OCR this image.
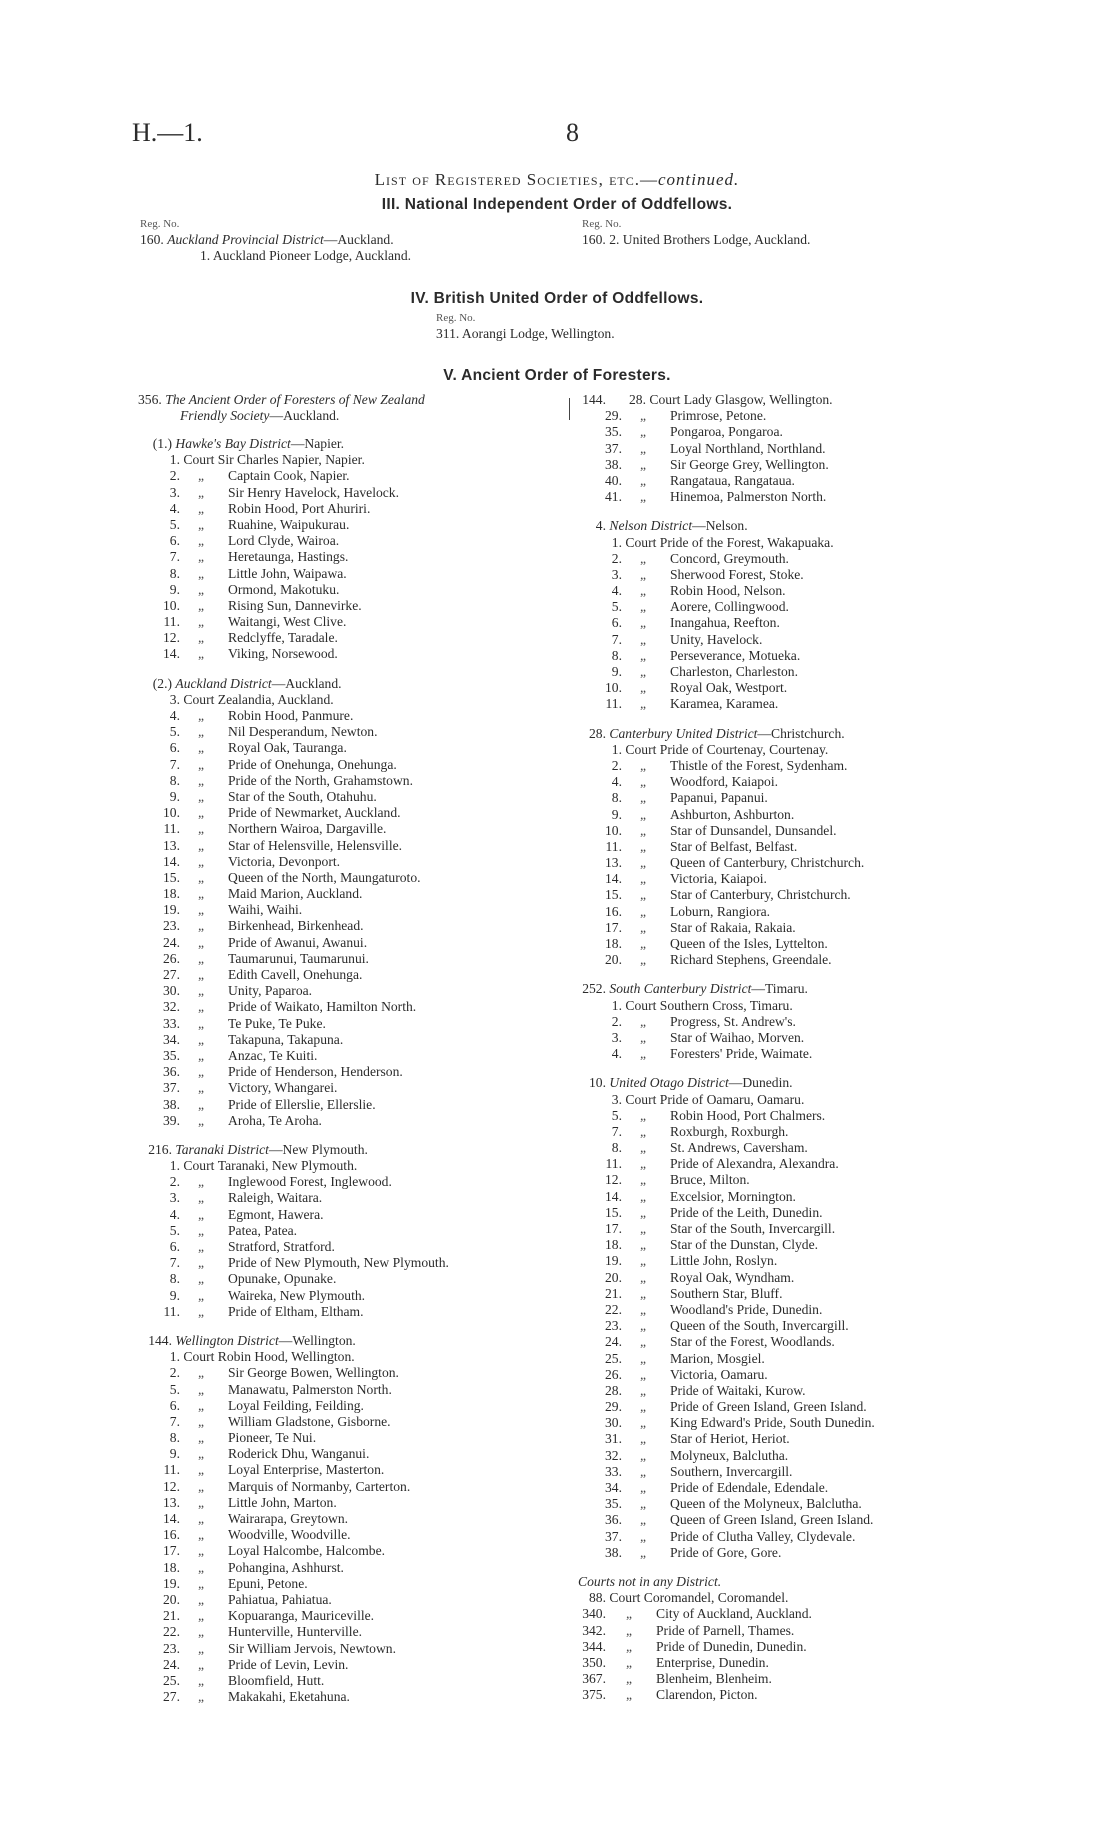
H.—1.	8
List of Registered Societies, etc.—continued.
III. National Independent Order of Oddfellows.
Reg. No.
160. Auckland Provincial District—Auckland.
1. Auckland Pioneer Lodge, Auckland.
Reg. No.
160. 2. United Brothers Lodge, Auckland.
IV. British United Order of Oddfellows.
Reg. No.
311. Aorangi Lodge, Wellington.
V. Ancient Order of Foresters.
356. The Ancient Order of Foresters of New Zealand
Friendly Society—Auckland.
(1.) Hawke's Bay District—Napier.
1. Court Sir Charles Napier, Napier.
2. „ Captain Cook, Napier.
3. „ Sir Henry Havelock, Havelock.
4. „ Robin Hood, Port Ahuriri.
5. „ Ruahine, Waipukurau.
6. „ Lord Clyde, Wairoa.
7. „ Heretaunga, Hastings.
8. „ Little John, Waipawa.
9. „ Ormond, Makotuku.
10. „ Rising Sun, Dannevirke.
11. „ Waitangi, West Clive.
12. „ Redclyffe, Taradale.
14. „ Viking, Norsewood.
(2.) Auckland District—Auckland.
3. Court Zealandia, Auckland.
4. „ Robin Hood, Panmure.
5. „ Nil Desperandum, Newton.
6. „ Royal Oak, Tauranga.
7. „ Pride of Onehunga, Onehunga.
8. „ Pride of the North, Grahamstown.
9. „ Star of the South, Otahuhu.
10. „ Pride of Newmarket, Auckland.
11. „ Northern Wairoa, Dargaville.
13. „ Star of Helensville, Helensville.
14. „ Victoria, Devonport.
15. „ Queen of the North, Maungaturoto.
18. „ Maid Marion, Auckland.
19. „ Waihi, Waihi.
23. „ Birkenhead, Birkenhead.
24. „ Pride of Awanui, Awanui.
26. „ Taumarunui, Taumarunui.
27. „ Edith Cavell, Onehunga.
30. „ Unity, Paparoa.
32. „ Pride of Waikato, Hamilton North.
33. „ Te Puke, Te Puke.
34. „ Takapuna, Takapuna.
35. „ Anzac, Te Kuiti.
36. „ Pride of Henderson, Henderson.
37. „ Victory, Whangarei.
38. „ Pride of Ellerslie, Ellerslie.
39. „ Aroha, Te Aroha.
216. Taranaki District—New Plymouth.
1. Court Taranaki, New Plymouth.
2. „ Inglewood Forest, Inglewood.
3. „ Raleigh, Waitara.
4. „ Egmont, Hawera.
5. „ Patea, Patea.
6. „ Stratford, Stratford.
7. „ Pride of New Plymouth, New Plymouth.
8. „ Opunake, Opunake.
9. „ Waireka, New Plymouth.
11. „ Pride of Eltham, Eltham.
144. Wellington District—Wellington.
1. Court Robin Hood, Wellington.
2. „ Sir George Bowen, Wellington.
5. „ Manawatu, Palmerston North.
6. „ Loyal Feilding, Feilding.
7. „ William Gladstone, Gisborne.
8. „ Pioneer, Te Nui.
9. „ Roderick Dhu, Wanganui.
11. „ Loyal Enterprise, Masterton.
12. „ Marquis of Normanby, Carterton.
13. „ Little John, Marton.
14. „ Wairarapa, Greytown.
16. „ Woodville, Woodville.
17. „ Loyal Halcombe, Halcombe.
18. „ Pohangina, Ashhurst.
19. „ Epuni, Petone.
20. „ Pahiatua, Pahiatua.
21. „ Kopuaranga, Mauriceville.
22. „ Hunterville, Hunterville.
23. „ Sir William Jervois, Newtown.
24. „ Pride of Levin, Levin.
25. „ Bloomfield, Hutt.
27. „ Makakahi, Eketahuna.
144. 28. Court Lady Glasgow, Wellington.
29. „ Primrose, Petone.
35. „ Pongaroa, Pongaroa.
37. „ Loyal Northland, Northland.
38. „ Sir George Grey, Wellington.
40. „ Rangataua, Rangataua.
41. „ Hinemoa, Palmerston North.
4. Nelson District—Nelson.
1. Court Pride of the Forest, Wakapuaka.
2. „ Concord, Greymouth.
3. „ Sherwood Forest, Stoke.
4. „ Robin Hood, Nelson.
5. „ Aorere, Collingwood.
6. „ Inangahua, Reefton.
7. „ Unity, Havelock.
8. „ Perseverance, Motueka.
9. „ Charleston, Charleston.
10. „ Royal Oak, Westport.
11. „ Karamea, Karamea.
28. Canterbury United District—Christchurch.
1. Court Pride of Courtenay, Courtenay.
2. „ Thistle of the Forest, Sydenham.
4. „ Woodford, Kaiapoi.
8. „ Papanui, Papanui.
9. „ Ashburton, Ashburton.
10. „ Star of Dunsandel, Dunsandel.
11. „ Star of Belfast, Belfast.
13. „ Queen of Canterbury, Christchurch.
14. „ Victoria, Kaiapoi.
15. „ Star of Canterbury, Christchurch.
16. „ Loburn, Rangiora.
17. „ Star of Rakaia, Rakaia.
18. „ Queen of the Isles, Lyttelton.
20. „ Richard Stephens, Greendale.
252. South Canterbury District—Timaru.
1. Court Southern Cross, Timaru.
2. „ Progress, St. Andrew's.
3. „ Star of Waihao, Morven.
4. „ Foresters' Pride, Waimate.
10. United Otago District—Dunedin.
3. Court Pride of Oamaru, Oamaru.
5. „ Robin Hood, Port Chalmers.
7. „ Roxburgh, Roxburgh.
8. „ St. Andrews, Caversham.
11. „ Pride of Alexandra, Alexandra.
12. „ Bruce, Milton.
14. „ Excelsior, Mornington.
15. „ Pride of the Leith, Dunedin.
17. „ Star of the South, Invercargill.
18. „ Star of the Dunstan, Clyde.
19. „ Little John, Roslyn.
20. „ Royal Oak, Wyndham.
21. „ Southern Star, Bluff.
22. „ Woodland's Pride, Dunedin.
23. „ Queen of the South, Invercargill.
24. „ Star of the Forest, Woodlands.
25. „ Marion, Mosgiel.
26. „ Victoria, Oamaru.
28. „ Pride of Waitaki, Kurow.
29. „ Pride of Green Island, Green Island.
30. „ King Edward's Pride, South Dunedin.
31. „ Star of Heriot, Heriot.
32. „ Molyneux, Balclutha.
33. „ Southern, Invercargill.
34. „ Pride of Edendale, Edendale.
35. „ Queen of the Molyneux, Balclutha.
36. „ Queen of Green Island, Green Island.
37. „ Pride of Clutha Valley, Clydevale.
38. „ Pride of Gore, Gore.
Courts not in any District.
88. Court Coromandel, Coromandel.
340. „ City of Auckland, Auckland.
342. „ Pride of Parnell, Thames.
344. „ Pride of Dunedin, Dunedin.
350. „ Enterprise, Dunedin.
367. „ Blenheim, Blenheim.
375. „ Clarendon, Picton.
